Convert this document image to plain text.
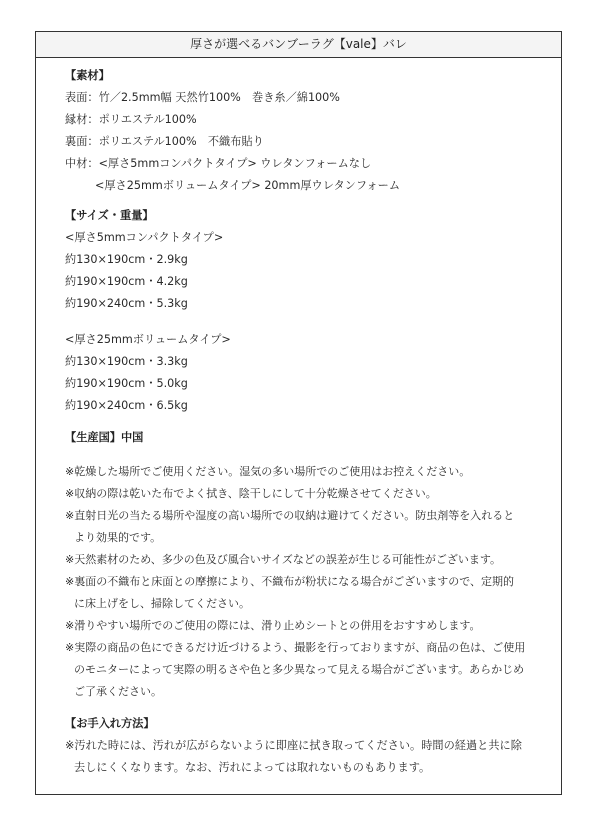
厚さが選べるバンブーラグ【vale】バレ
【素材】
表面：竹／2.5mm幅 天然竹100%　巻き糸／綿100%
縁材：ポリエステル100%
裏面：ポリエステル100%　不織布貼り
中材：<厚さ5mmコンパクトタイプ> ウレタンフォームなし
<厚さ25mmボリュームタイプ> 20mm厚ウレタンフォーム
【サイズ・重量】
<厚さ5mmコンパクトタイプ>
約130×190cm・2.9kg
約190×190cm・4.2kg
約190×240cm・5.3kg
<厚さ25mmボリュームタイプ>
約130×190cm・3.3kg
約190×190cm・5.0kg
約190×240cm・6.5kg
【生産国】中国
※乾燥した場所でご使用ください。湿気の多い場所でのご使用はお控えください。
※収納の際は乾いた布でよく拭き、陰干しにして十分乾燥させてください。
※直射日光の当たる場所や湿度の高い場所での収納は避けてください。防虫剤等を入れると
より効果的です。
※天然素材のため、多少の色及び風合いサイズなどの誤差が生じる可能性がございます。
※裏面の不織布と床面との摩擦により、不織布が粉状になる場合がございますので、定期的
に床上げをし、掃除してください。
※滑りやすい場所でのご使用の際には、滑り止めシートとの併用をおすすめします。
※実際の商品の色にできるだけ近づけるよう、撮影を行っておりますが、商品の色は、ご使用
のモニターによって実際の明るさや色と多少異なって見える場合がございます。あらかじめ
ご了承ください。
【お手入れ方法】
※汚れた時には、汚れが広がらないように即座に拭き取ってください。時間の経過と共に除
去しにくくなります。なお、汚れによっては取れないものもあります。
